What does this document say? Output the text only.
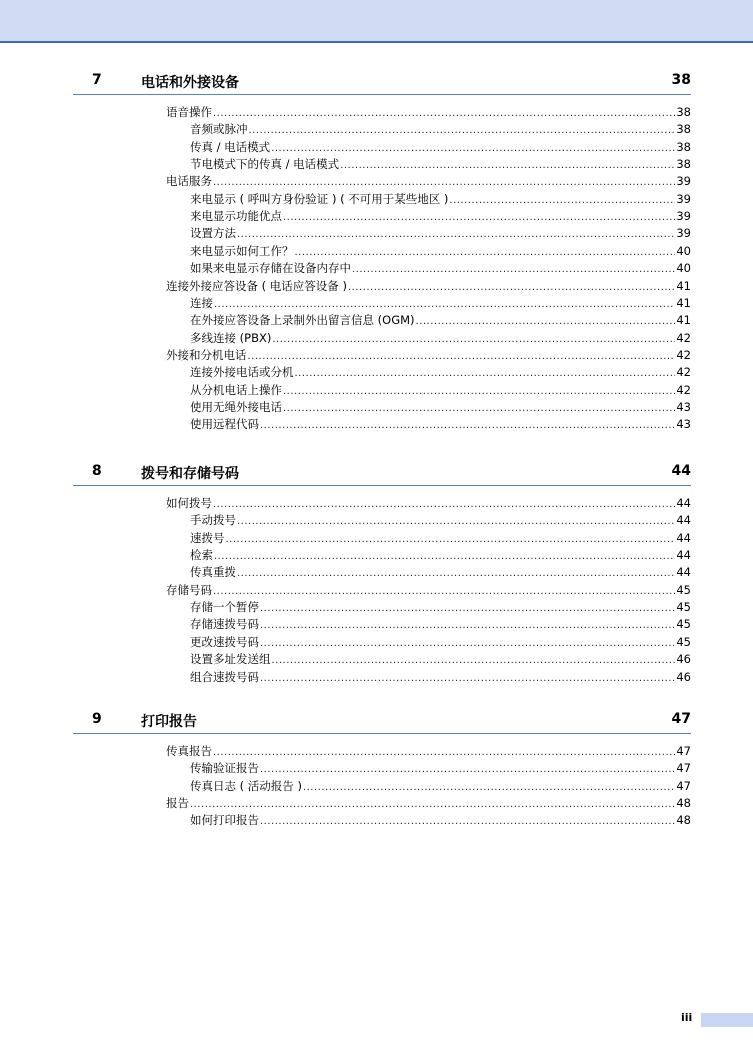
7	电话和外接设备	38
语音操作 .....	38
音频或脉冲 .....	38
传真 / 电话模式 .....	38
节电模式下的传真 / 电话模式 .....	38
电话服务 .....	39
来电显示 ( 呼叫方身份验证 ) ( 不可用于某些地区 ) .....	39
来电显示功能优点 .....	39
设置方法 .....	39
来电显示如何工作？ .....	40
如果来电显示存储在设备内存中 .....	40
连接外接应答设备 ( 电话应答设备 ) .....	41
连接 .....	41
在外接应答设备上录制外出留言信息 (OGM) .....	41
多线连接 (PBX) .....	42
外接和分机电话 .....	42
连接外接电话或分机 .....	42
从分机电话上操作 .....	42
使用无绳外接电话 .....	43
使用远程代码 .....	43
8	拨号和存储号码	44
如何拨号 .....	44
手动拨号 .....	44
速拨号 .....	44
检索 .....	44
传真重拨 .....	44
存储号码 .....	45
存储一个暂停 .....	45
存储速拨号码 .....	45
更改速拨号码 .....	45
设置多址发送组 .....	46
组合速拨号码 .....	46
9	打印报告	47
传真报告 .....	47
传输验证报告 .....	47
传真日志 ( 活动报告 ) .....	47
报告 .....	48
如何打印报告 .....	48
iii
